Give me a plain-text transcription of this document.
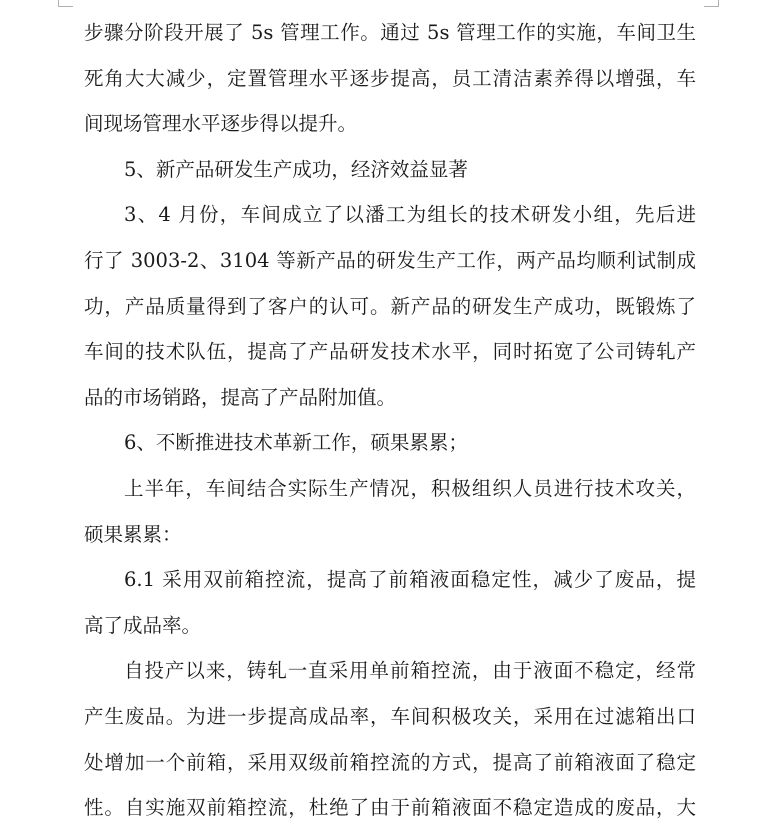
步骤分阶段开展了 5s 管理工作。通过 5s 管理工作的实施，车间卫生
死角大大减少，定置管理水平逐步提高，员工清洁素养得以增强，车
间现场管理水平逐步得以提升。
5、新产品研发生产成功，经济效益显著
3、4 月份，车间成立了以潘工为组长的技术研发小组，先后进
行了 3003-2、3104 等新产品的研发生产工作，两产品均顺利试制成
功，产品质量得到了客户的认可。新产品的研发生产成功，既锻炼了
车间的技术队伍，提高了产品研发技术水平，同时拓宽了公司铸轧产
品的市场销路，提高了产品附加值。
6、不断推进技术革新工作，硕果累累；
上半年，车间结合实际生产情况，积极组织人员进行技术攻关，
硕果累累：
6.1 采用双前箱控流，提高了前箱液面稳定性，减少了废品，提
高了成品率。
自投产以来，铸轧一直采用单前箱控流，由于液面不稳定，经常
产生废品。为进一步提高成品率，车间积极攻关，采用在过滤箱出口
处增加一个前箱，采用双级前箱控流的方式，提高了前箱液面了稳定
性。自实施双前箱控流，杜绝了由于前箱液面不稳定造成的废品，大
